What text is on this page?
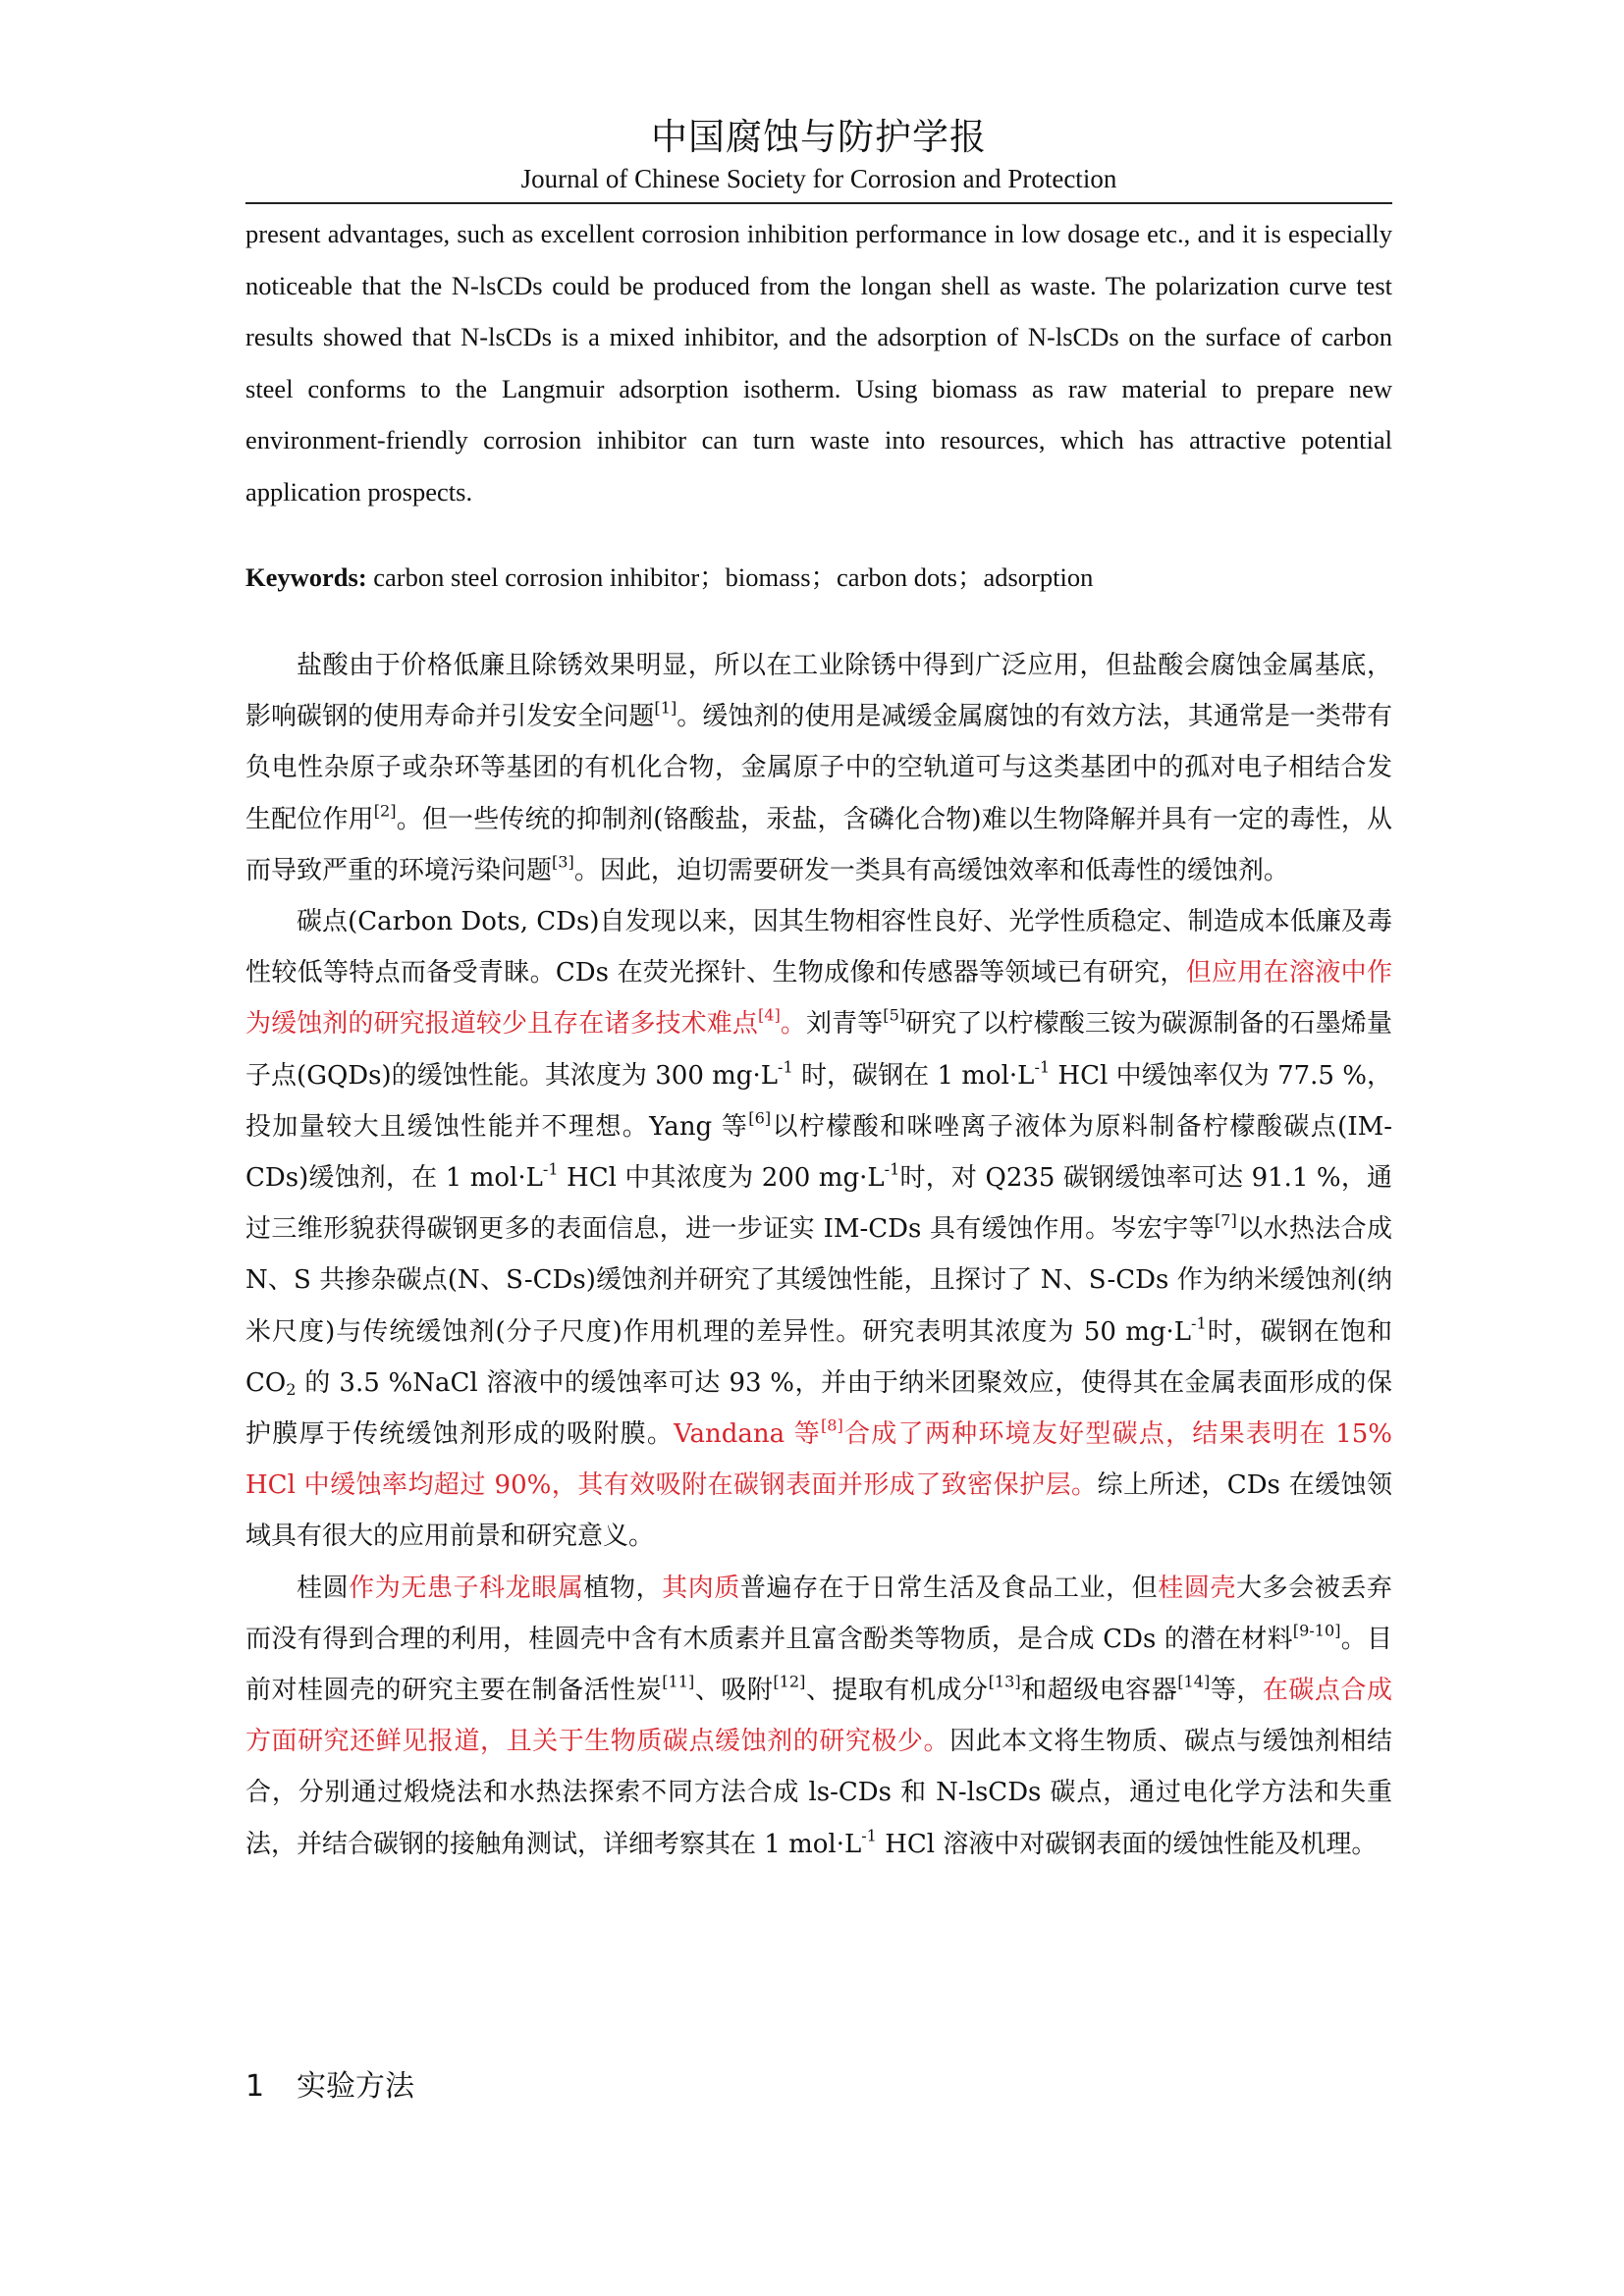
中国腐蚀与防护学报
Journal of Chinese Society for Corrosion and Protection
present advantages, such as excellent corrosion inhibition performance in low dosage etc., and it is especially noticeable that the N-lsCDs could be produced from the longan shell as waste. The polarization curve test results showed that N-lsCDs is a mixed inhibitor, and the adsorption of N-lsCDs on the surface of carbon steel conforms to the Langmuir adsorption isotherm. Using biomass as raw material to prepare new environment-friendly corrosion inhibitor can turn waste into resources, which has attractive potential application prospects.
Keywords: carbon steel corrosion inhibitor；biomass；carbon dots；adsorption

盐酸由于价格低廉且除锈效果明显，所以在工业除锈中得到广泛应用，但盐酸会腐蚀金属基底，影响碳钢的使用寿命并引发安全问题[1]。缓蚀剂的使用是减缓金属腐蚀的有效方法，其通常是一类带有负电性杂原子或杂环等基团的有机化合物，金属原子中的空轨道可与这类基团中的孤对电子相结合发生配位作用[2]。但一些传统的抑制剂(铬酸盐，汞盐，含磷化合物)难以生物降解并具有一定的毒性，从而导致严重的环境污染问题[3]。因此，迫切需要研发一类具有高缓蚀效率和低毒性的缓蚀剂。

碳点(Carbon Dots, CDs)自发现以来，因其生物相容性良好、光学性质稳定、制造成本低廉及毒性较低等特点而备受青睐。CDs 在荧光探针、生物成像和传感器等领域已有研究，但应用在溶液中作为缓蚀剂的研究报道较少且存在诸多技术难点[4]。刘青等[5]研究了以柠檬酸三铵为碳源制备的石墨烯量子点(GQDs)的缓蚀性能。其浓度为 300 $mg\cdot L^{-1}$ 时，碳钢在 1 $mol\cdot L^{-1}$ HCl 中缓蚀率仅为 77.5 %，投加量较大且缓蚀性能并不理想。Yang 等[6]以柠檬酸和咪唑离子液体为原料制备柠檬酸碳点(IM-CDs)缓蚀剂，在 1 $mol\cdot L^{-1}$ HCl 中其浓度为 200 $mg\cdot L^{-1}$时，对 Q235 碳钢缓蚀率可达 91.1 %，通过三维形貌获得碳钢更多的表面信息，进一步证实 IM-CDs 具有缓蚀作用。岑宏宇等[7]以水热法合成 N、S 共掺杂碳点(N、S-CDs)缓蚀剂并研究了其缓蚀性能，且探讨了 N、S-CDs 作为纳米缓蚀剂(纳米尺度)与传统缓蚀剂(分子尺度)作用机理的差异性。研究表明其浓度为 50 $mg\cdot L^{-1}$时，碳钢在饱和 $CO_2$ 的 3.5 %NaCl 溶液中的缓蚀率可达 93 %，并由于纳米团聚效应，使得其在金属表面形成的保护膜厚于传统缓蚀剂形成的吸附膜。Vandana 等[8]合成了两种环境友好型碳点，结果表明在 15% HCl 中缓蚀率均超过 90%，其有效吸附在碳钢表面并形成了致密保护层。综上所述，CDs 在缓蚀领域具有很大的应用前景和研究意义。

桂圆作为无患子科龙眼属植物，其肉质普遍存在于日常生活及食品工业，但桂圆壳大多会被丢弃而没有得到合理的利用，桂圆壳中含有木质素并且富含酚类等物质，是合成 CDs 的潜在材料[9-10]。目前对桂圆壳的研究主要在制备活性炭[11]、吸附[12]、提取有机成分[13]和超级电容器[14]等，在碳点合成方面研究还鲜见报道，且关于生物质碳点缓蚀剂的研究极少。因此本文将生物质、碳点与缓蚀剂相结合，分别通过煅烧法和水热法探索不同方法合成 ls-CDs 和 N-lsCDs 碳点，通过电化学方法和失重法，并结合碳钢的接触角测试，详细考察其在 1 $mol\cdot L^{-1}$ HCl 溶液中对碳钢表面的缓蚀性能及机理。

1 实验方法
